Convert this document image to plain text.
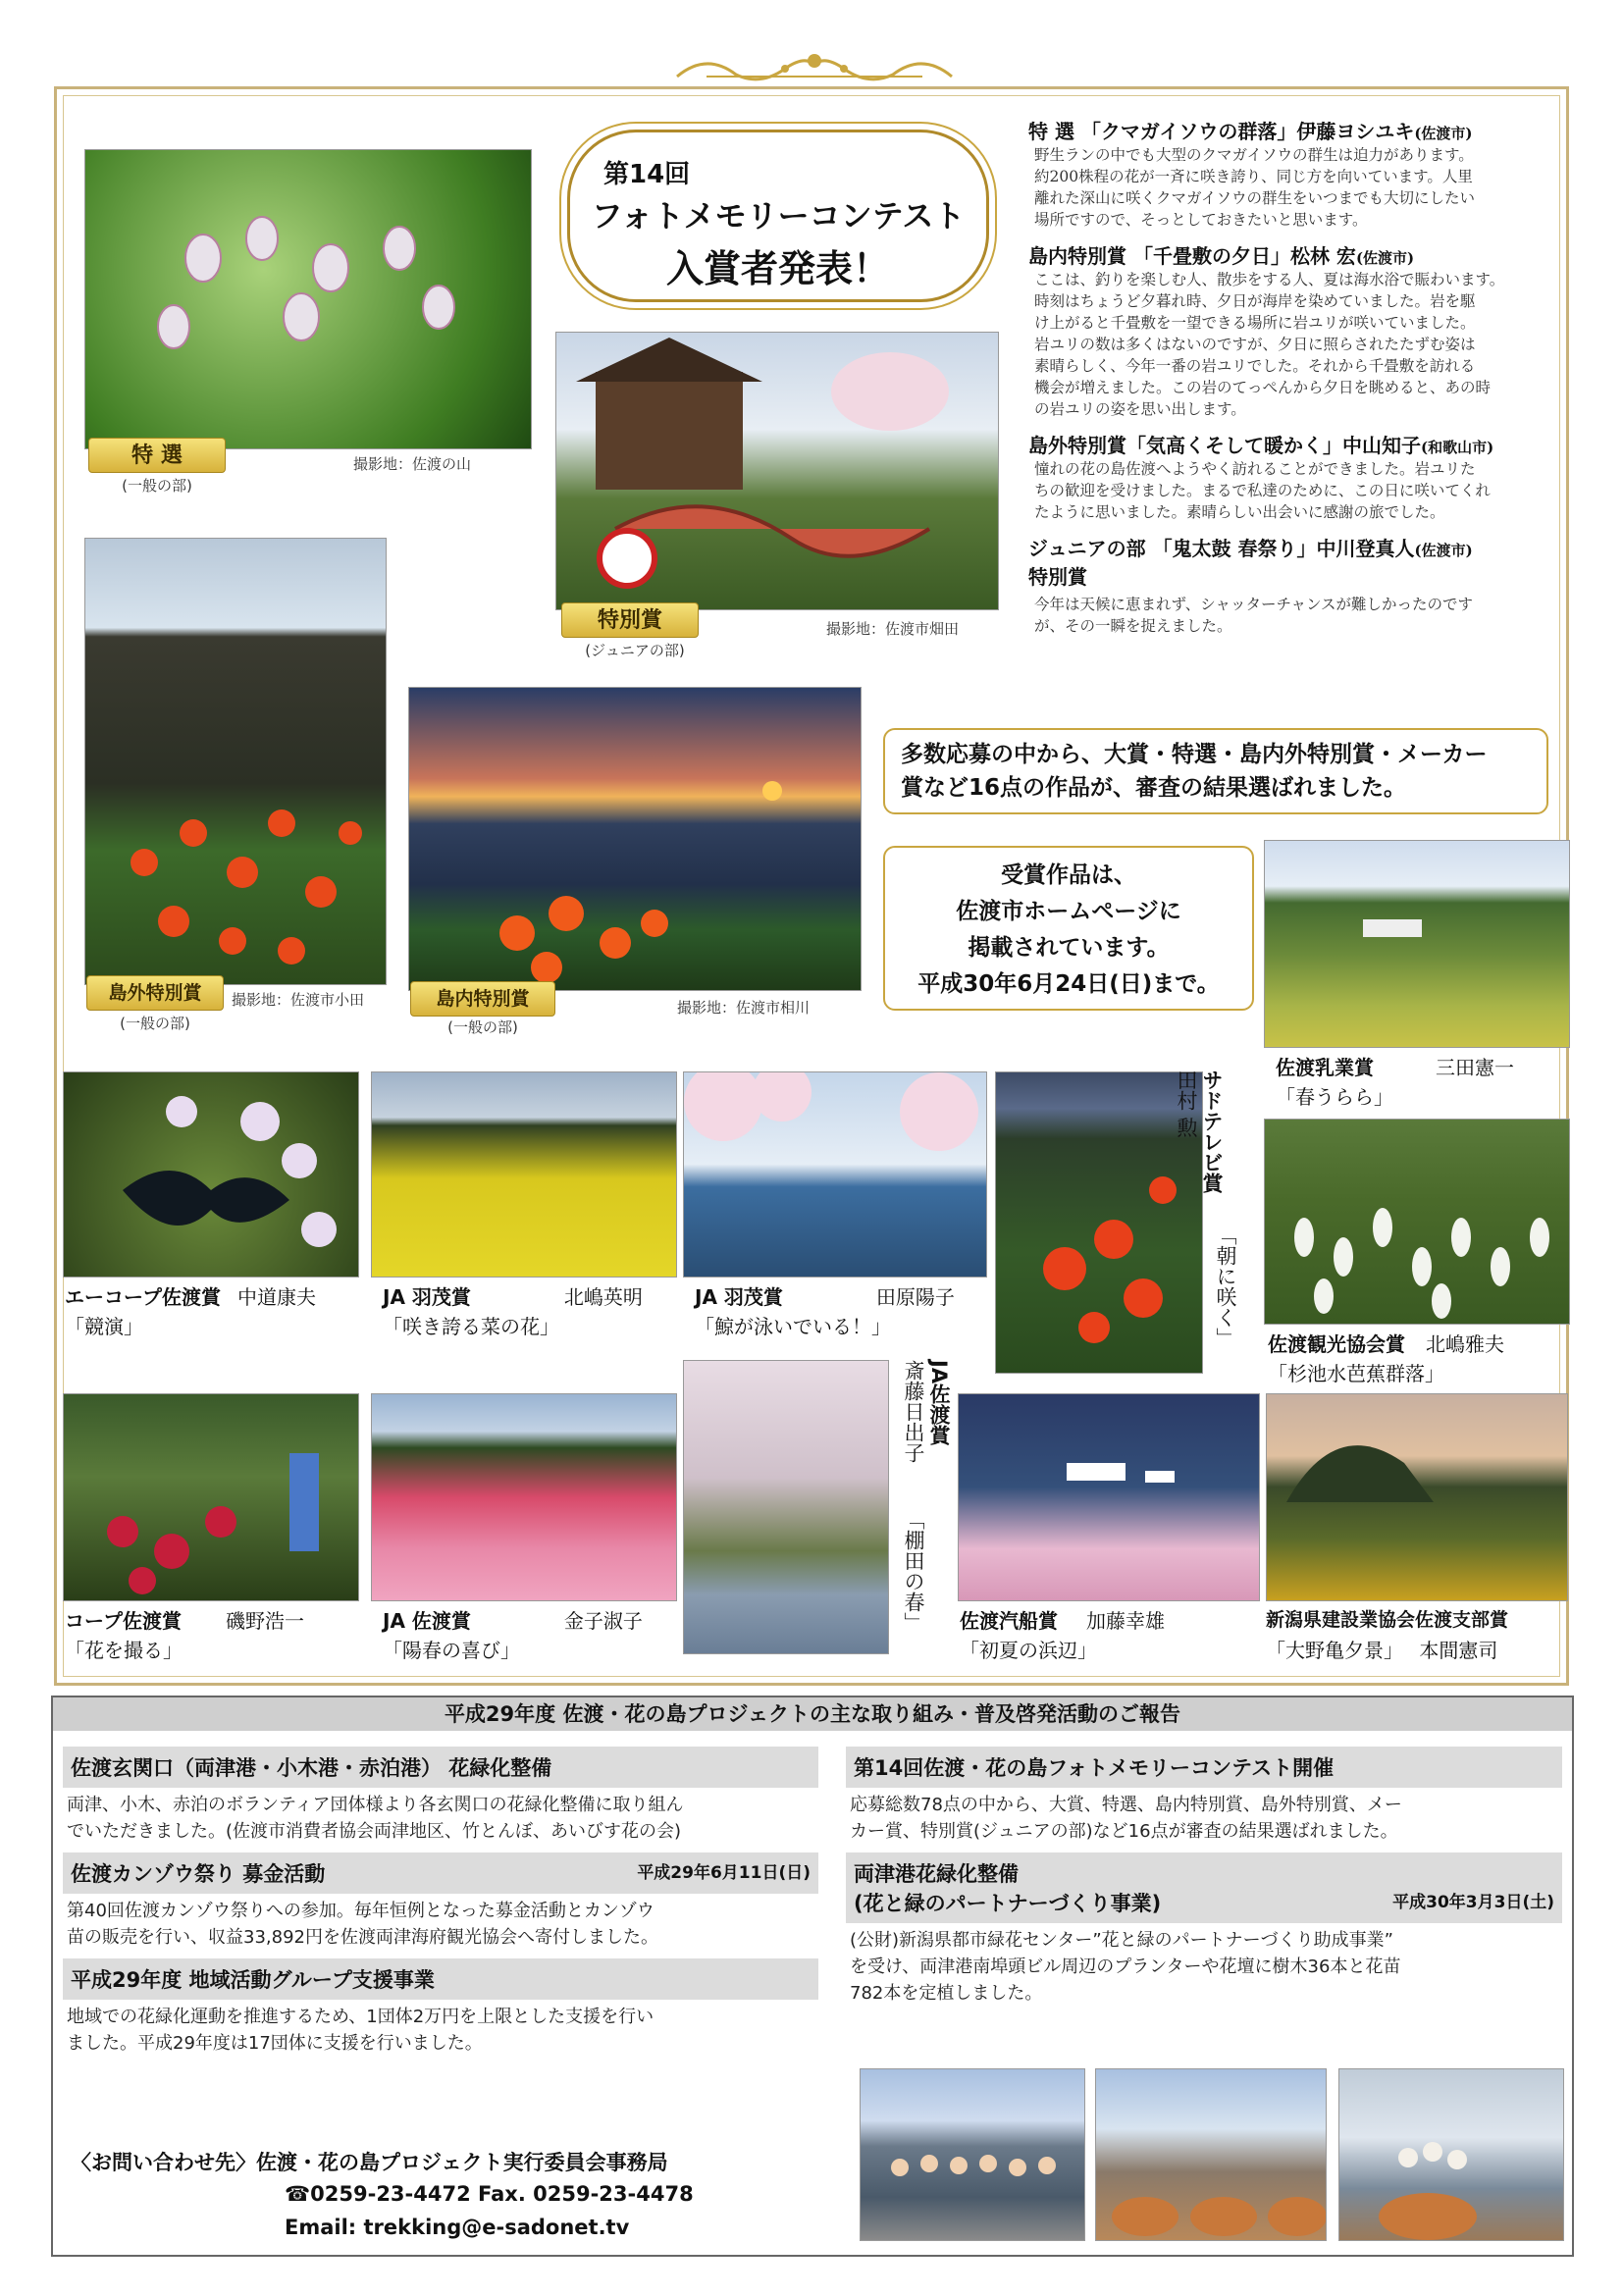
特 選
(一般の部)
撮影地：佐渡の山
第14回
フォトメモリーコンテスト
入賞者発表！
特別賞
(ジュニアの部)
撮影地：佐渡市畑田
特 選 「クマガイソウの群落」伊藤ヨシユキ(佐渡市)
野生ランの中でも大型のクマガイソウの群生は迫力があります。
約200株程の花が一斉に咲き誇り、同じ方を向いています。人里
離れた深山に咲くクマガイソウの群生をいつまでも大切にしたい
場所ですので、そっとしておきたいと思います。
島内特別賞 「千畳敷の夕日」松林 宏(佐渡市)
ここは、釣りを楽しむ人、散歩をする人、夏は海水浴で賑わいます。
時刻はちょうど夕暮れ時、夕日が海岸を染めていました。岩を駆
け上がると千畳敷を一望できる場所に岩ユリが咲いていました。
岩ユリの数は多くはないのですが、夕日に照らされたたずむ姿は
素晴らしく、今年一番の岩ユリでした。それから千畳敷を訪れる
機会が増えました。この岩のてっぺんから夕日を眺めると、あの時
の岩ユリの姿を思い出します。
島外特別賞「気高くそして暖かく」中山知子(和歌山市)
憧れの花の島佐渡へようやく訪れることができました。岩ユリた
ちの歓迎を受けました。まるで私達のために、この日に咲いてくれ
たように思いました。素晴らしい出会いに感謝の旅でした。
ジュニアの部 「鬼太鼓 春祭り」中川登真人(佐渡市)
特別賞
今年は天候に恵まれず、シャッターチャンスが難しかったのです
が、その一瞬を捉えました。
島外特別賞
(一般の部)
撮影地：佐渡市小田	島内特別賞
(一般の部)
撮影地：佐渡市相川
多数応募の中から、大賞・特選・島内外特別賞・メーカー
賞など16点の作品が、審査の結果選ばれました。
受賞作品は、
佐渡市ホームページに
掲載されています。
平成30年6月24日(日)まで。
エーコープ佐渡賞 中道康夫
「競演」
JA 羽茂賞	北嶋英明
「咲き誇る菜の花」
JA 羽茂賞	田原陽子
「鯨が泳いでいる！」
佐渡乳業賞	三田憲一
「春うらら」
佐渡観光協会賞 北嶋雅夫
「杉池水芭蕉群落」
コープ佐渡賞 磯野浩一
「花を撮る」
JA 佐渡賞	金子淑子
「陽春の喜び」
佐渡汽船賞 加藤幸雄
「初夏の浜辺」
新潟県建設業協会佐渡支部賞
「大野亀夕景」 本間憲司
サドテレビ賞
田村 勲
「朝に咲く」
JA佐渡賞
斎藤日出子
「棚田の春」
平成29年度 佐渡・花の島プロジェクトの主な取り組み・普及啓発活動のご報告
佐渡玄関口（両津港・小木港・赤泊港） 花緑化整備
両津、小木、赤泊のボランティア団体様より各玄関口の花緑化整備に取り組ん
でいただきました。(佐渡市消費者協会両津地区、竹とんぼ、あいびす花の会)
佐渡カンゾウ祭り 募金活動	平成29年6月11日(日)
第40回佐渡カンゾウ祭りへの参加。毎年恒例となった募金活動とカンゾウ
苗の販売を行い、収益33,892円を佐渡両津海府観光協会へ寄付しました。
平成29年度 地域活動グループ支援事業
地域での花緑化運動を推進するため、1団体2万円を上限とした支援を行い
ました。平成29年度は17団体に支援を行いました。
第14回佐渡・花の島フォトメモリーコンテスト開催
応募総数78点の中から、大賞、特選、島内特別賞、島外特別賞、メー
カー賞、特別賞(ジュニアの部)など16点が審査の結果選ばれました。
両津港花緑化整備
(花と緑のパートナーづくり事業)	平成30年3月3日(土)
(公財)新潟県都市緑花センター”花と緑のパートナーづくり助成事業”
を受け、両津港南埠頭ビル周辺のプランターや花壇に樹木36本と花苗
782本を定植しました。
〈お問い合わせ先〉佐渡・花の島プロジェクト実行委員会事務局
☎0259-23-4472 Fax. 0259-23-4478
Email: trekking@e-sadonet.tv
